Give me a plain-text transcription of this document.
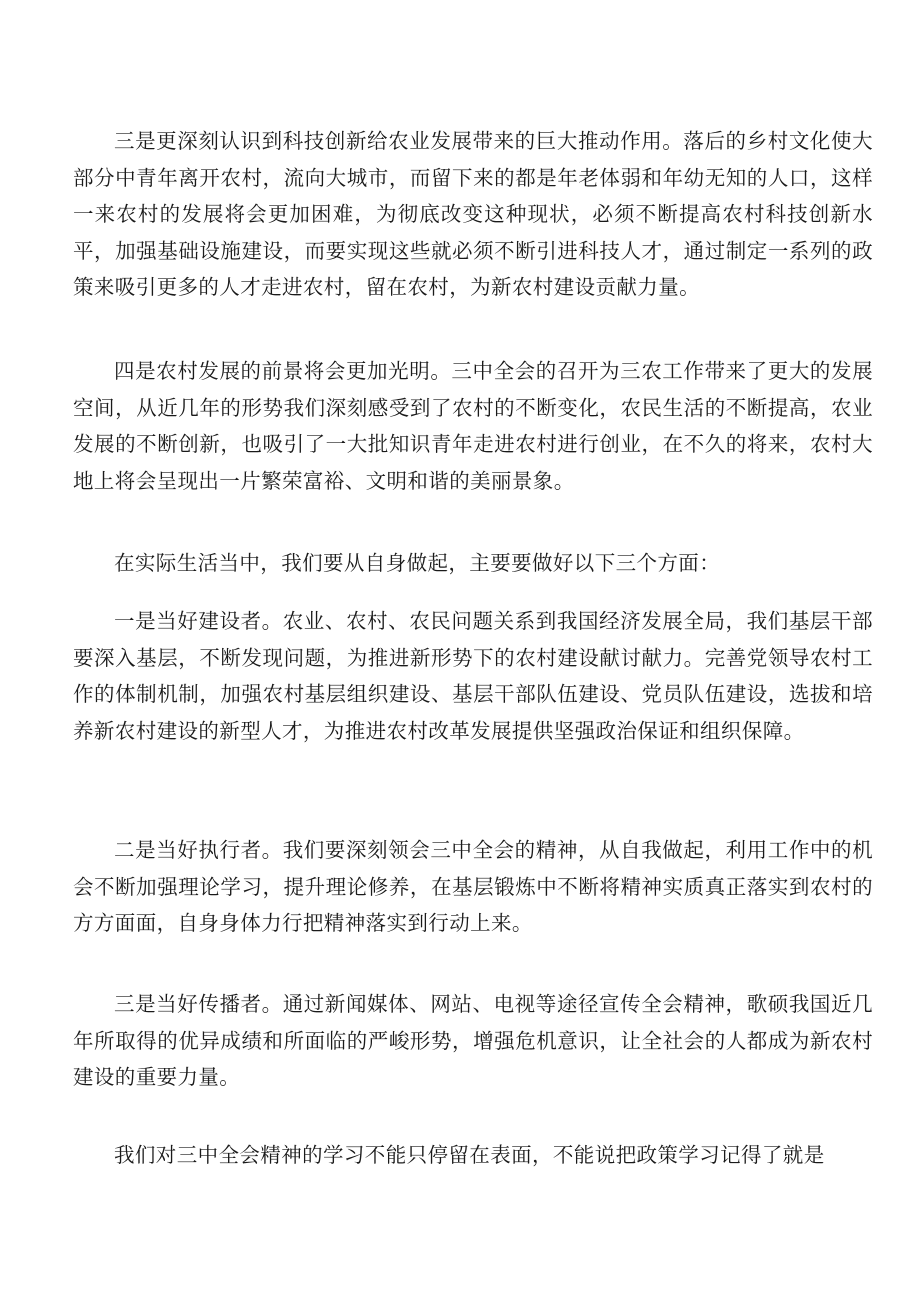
三是更深刻认识到科技创新给农业发展带来的巨大推动作用。落后的乡村文化使大部分中青年离开农村，流向大城市，而留下来的都是年老体弱和年幼无知的人口，这样一来农村的发展将会更加困难，为彻底改变这种现状，必须不断提高农村科技创新水平，加强基础设施建设，而要实现这些就必须不断引进科技人才，通过制定一系列的政策来吸引更多的人才走进农村，留在农村，为新农村建设贡献力量。

四是农村发展的前景将会更加光明。三中全会的召开为三农工作带来了更大的发展空间，从近几年的形势我们深刻感受到了农村的不断变化，农民生活的不断提高，农业发展的不断创新，也吸引了一大批知识青年走进农村进行创业，在不久的将来，农村大地上将会呈现出一片繁荣富裕、文明和谐的美丽景象。

在实际生活当中，我们要从自身做起，主要要做好以下三个方面：

一是当好建设者。农业、农村、农民问题关系到我国经济发展全局，我们基层干部要深入基层，不断发现问题，为推进新形势下的农村建设献讨献力。完善党领导农村工作的体制机制，加强农村基层组织建设、基层干部队伍建设、党员队伍建设，选拔和培养新农村建设的新型人才，为推进农村改革发展提供坚强政治保证和组织保障。

二是当好执行者。我们要深刻领会三中全会的精神，从自我做起，利用工作中的机会不断加强理论学习，提升理论修养，在基层锻炼中不断将精神实质真正落实到农村的方方面面，自身身体力行把精神落实到行动上来。

三是当好传播者。通过新闻媒体、网站、电视等途径宣传全会精神，歌硕我国近几年所取得的优异成绩和所面临的严峻形势，增强危机意识，让全社会的人都成为新农村建设的重要力量。

我们对三中全会精神的学习不能只停留在表面，不能说把政策学习记得了就是
